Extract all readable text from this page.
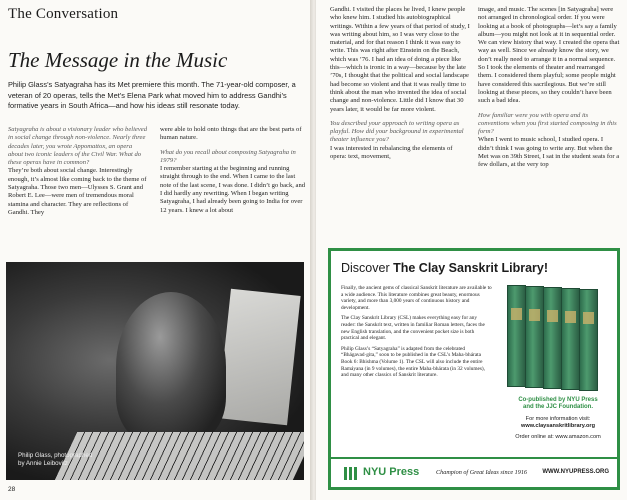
The Conversation
The Message in the Music
Philip Glass’s Satyagraha has its Met premiere this month. The 71-year-old composer, a veteran of 20 operas, tells the Met’s Elena Park what moved him to address Gandhi’s formative years in South Africa—and how his ideas still resonate today.

Satyagraha is about a visionary leader who believed in social change through non-violence. Nearly three decades later, you wrote Appomattox, an opera about two iconic leaders of the Civil War. What do these operas have in common?

They’re both about social change. Interestingly enough, it’s almost like coming back to the theme of Satyagraha. Those two men—Ulysses S. Grant and Robert E. Lee—were men of tremendous moral stamina and character. They are reflections of Gandhi. They

were able to hold onto things that are the best parts of human nature.

What do you recall about composing Satyagraha in 1979?

I remember starting at the beginning and running straight through to the end. When I came to the last note of the last scene, I was done. I didn’t go back, and I did hardly any rewriting. When I began writing Satyagraha, I had already been going to India for over 12 years. I knew a lot about

Philip Glass, photographed
by Annie Leibovitz
28

Gandhi. I visited the places he lived, I knew people who knew him. I studied his autobiographical writings. Within a few years of that period of study, I was writing about him, so I was very close to the material, and for that reason I think it was easy to write. This was right after Einstein on the Beach, which was ’76. I had an idea of doing a piece like this—which is ironic in a way—because by the late ’70s, I thought that the political and social landscape had become so violent and that it was really time to think about the man who invented the idea of social change and non-violence. Little did I know that 30 years later, it would be far more violent.

You described your approach to writing opera as playful. How did your background in experimental theater influence you?

I was interested in rebalancing the elements of opera: text, movement,

image, and music. The scenes [in Satyagraha] were not arranged in chronological order. If you were looking at a book of photographs—let’s say a family album—you might not look at it in sequential order. We can view history that way. I created the opera that way as well. Since we already know the story, we don’t really need to arrange it in a normal sequence. So I took the elements of theater and rearranged them. I considered them playful; some people might have considered this sacrilegious. But we’re still looking at these pieces, so they couldn’t have been such a bad idea.

How familiar were you with opera and its conventions when you first started composing in this form?

When I went to music school, I studied opera. I didn’t think I was going to write any. But when the Met was on 39th Street, I sat in the student seats for a few dollars, at the very top

Discover The Clay Sanskrit Library!

Finally, the ancient gems of classical Sanskrit literature are available to a wide audience. This literature combines great beauty, enormous variety, and more than 3,000 years of continuous history and development.

The Clay Sanskrit Library (CSL) makes everything easy for any reader: the Sanskrit text, written in familiar Roman letters, faces the new English translation, and the convenient pocket size is both practical and elegant.

Philip Glass’s “Satyagraha” is adapted from the celebrated “Bhágavad·gita,” soon to be published in the CSL’s Maha·bhárata Book 6: Bhishma (Volume 1). The CSL will also include the entire Ramáyana (in 9 volumes), the entire Maha·bhárata (in 32 volumes), and many other classics of Sanskrit literature.

Co-published by NYU Press
and the JJC Foundation.
For more information visit:
www.claysanskritlibrary.org
Order online at: www.amazon.com
NYU Press	Champion of Great Ideas since 1916	WWW.NYUPRESS.ORG
